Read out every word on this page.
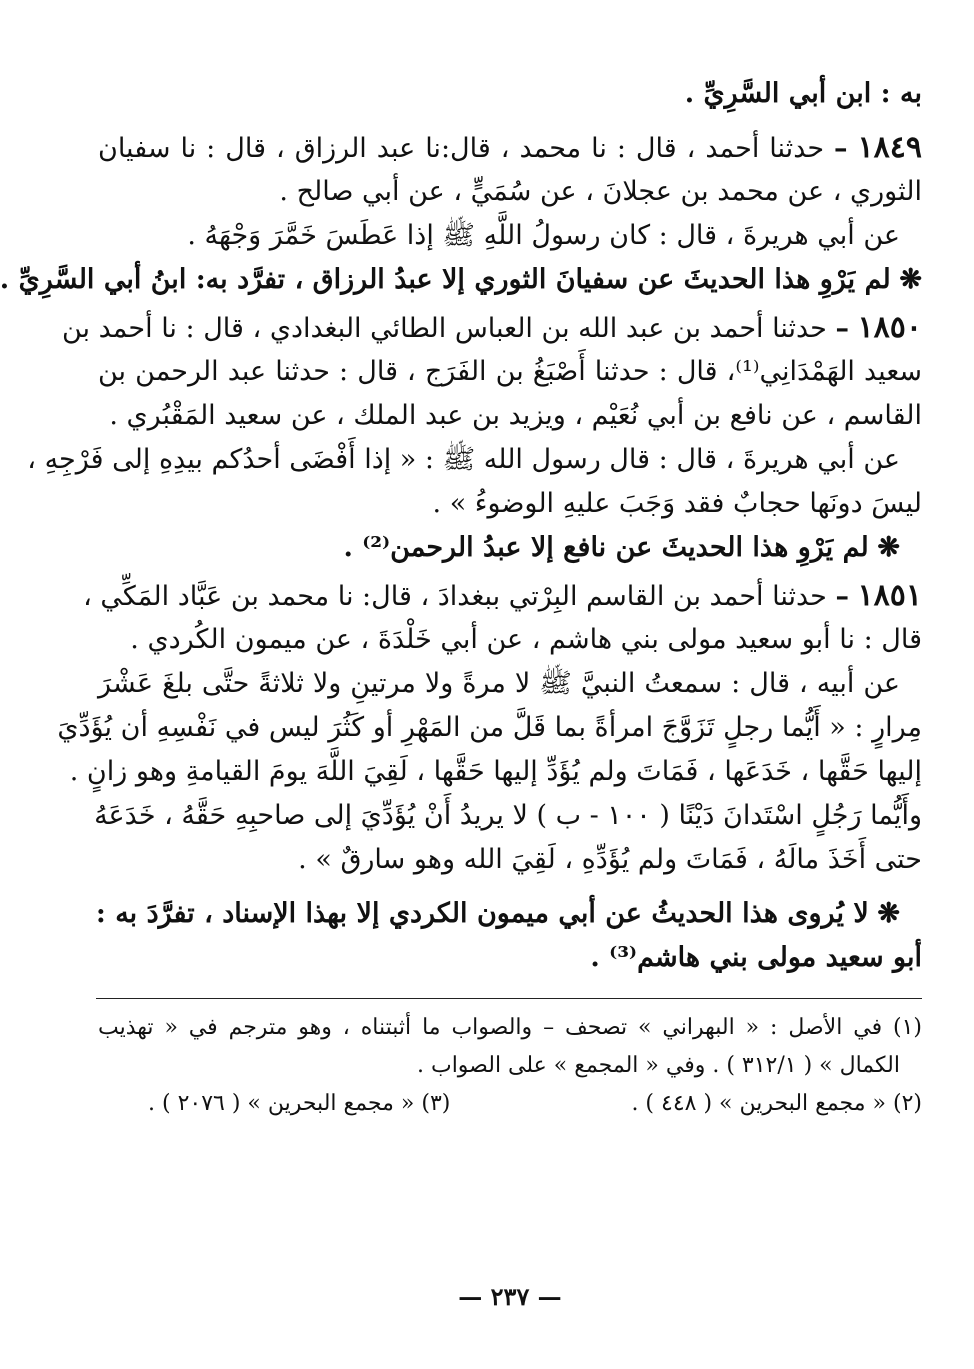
به : ابن أبي السَّرِيِّ .
١٨٤٩ – حدثنا أحمد ، قال : نا محمد ، قال:نا عبد الرزاق ، قال : نا سفيان
الثوري ، عن محمد بن عجلانَ ، عن سُمَيٍّ ، عن أبي صالح .
عن أبي هريرةَ ، قال : كان رسولُ اللَّهِ ﷺ إذا عَطَسَ خَمَّرَ وَجْهَهُ .
❋ لم يَرْوِ هذا الحديثَ عن سفيانَ الثوري إلا عبدُ الرزاق ، تفرَّد به: ابنُ أبي السَّرِيِّ .
١٨٥٠ – حدثنا أحمد بن عبد الله بن العباس الطائي البغدادي ، قال : نا أحمد بن
سعيد الهَمْدَانِي⁽¹⁾، قال : حدثنا أَصْبَغُ بن الفَرَج ، قال : حدثنا عبد الرحمن بن
القاسم ، عن نافع بن أبي نُعَيْم ، ويزيد بن عبد الملك ، عن سعيد المَقْبُري .
عن أبي هريرةَ ، قال : قال رسول الله ﷺ : « إذا أَفْضَى أحدُكم بيدِهِ إلى فَرْجِهِ ،
ليسَ دونَها حجابٌ فقد وَجَبَ عليهِ الوضوءُ » .
❋ لم يَرْوِ هذا الحديثَ عن نافع إلا عبدُ الرحمن⁽²⁾ .
١٨٥١ – حدثنا أحمد بن القاسم البِرْتي ببغدادَ ، قال: نا محمد بن عَبَّاد المَكِّي ،
قال : نا أبو سعيد مولى بني هاشم ، عن أبي خَلْدَةَ ، عن ميمون الكُردي .
عن أبيه ، قال : سمعتُ النبيَّ ﷺ لا مرةً ولا مرتينِ ولا ثلاثةً حتَّى بلغَ عَشْرَ
مِرارٍ : « أَيُّما رجلٍ تَزَوَّجَ امرأةً بما قَلَّ من المَهْرِ أو كَثُرَ ليس في نَفْسِهِ أن يُؤَدِّيَ
إليها حَقَّها ، خَدَعَها ، فَمَاتَ ولم يُؤَدِّ إليها حَقَّها ، لَقِيَ اللَّهَ يومَ القيامةِ وهو زانٍ .
وأَيُّما رَجُلٍ اسْتَدانَ دَيْنًا ( ١٠٠ - ب ) لا يريدُ أَنْ يُؤَدِّيَ إلى صاحبِهِ حَقَّهُ ، خَدَعَهُ
حتى أَخَذَ مالَهُ ، فَمَاتَ ولم يُؤَدِّهِ ، لَقِيَ الله وهو سارقٌ » .
❋ لا يُروى هذا الحديثُ عن أبي ميمون الكردي إلا بهذا الإسناد ، تفرَّدَ به :
أبو سعيد مولى بني هاشم⁽³⁾ .
(١) في الأصل : « البهراني » تصحف – والصواب ما أثبتناه ، وهو مترجم في « تهذيب
الكمال » ( ٣١٢/١ ) . وفي « المجمع » على الصواب .
(٢) « مجمع البحرين » ( ٤٤٨ ) .
(٣) « مجمع البحرين » ( ٢٠٧٦ ) .
— ٢٣٧ —
